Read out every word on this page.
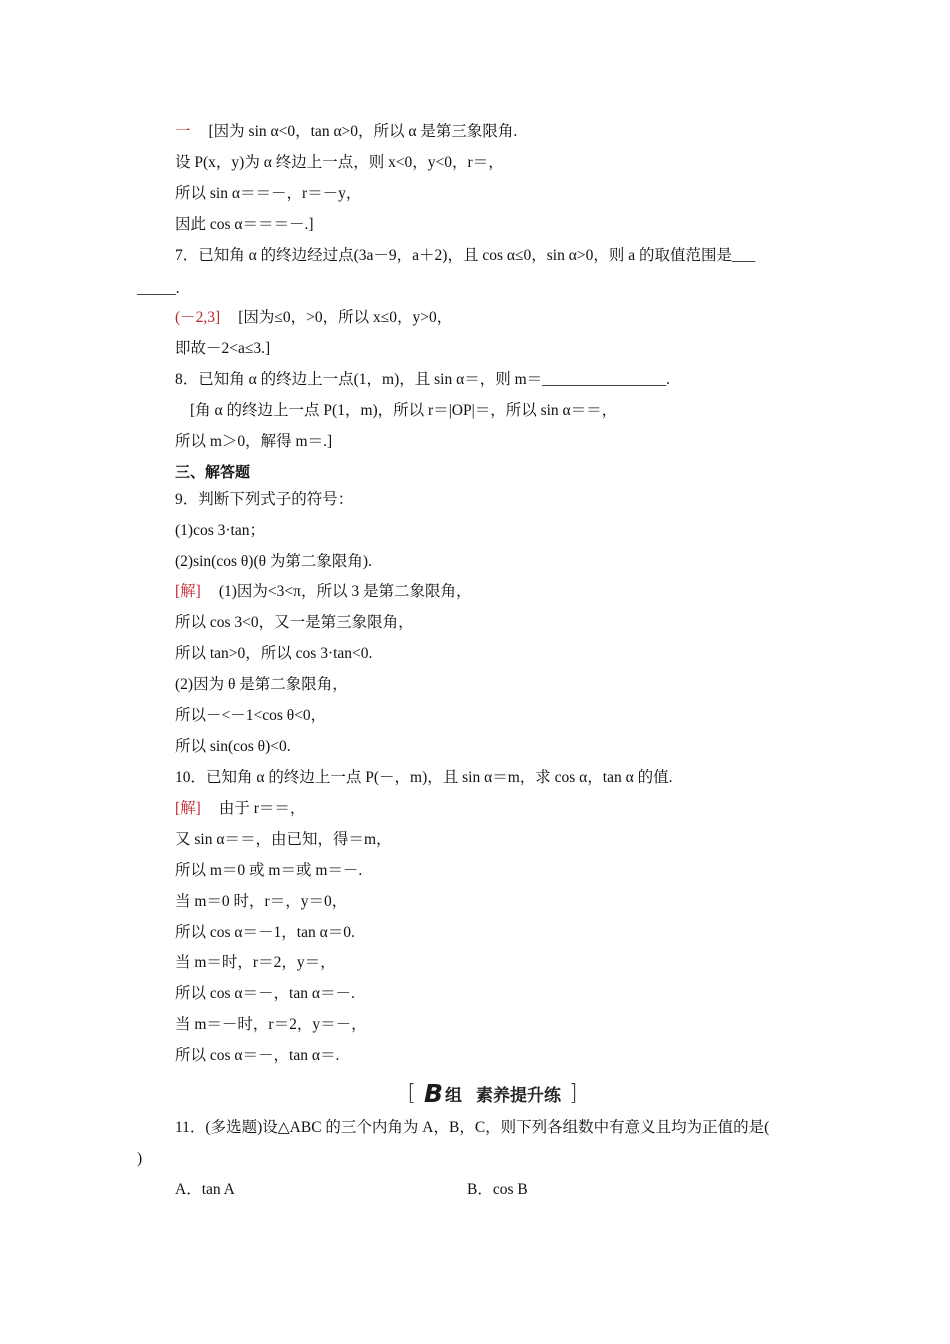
一 [因为 sin α<0，tan α>0，所以 α 是第三象限角.
设 P(x，y)为 α 终边上一点，则 x<0，y<0，r＝，
所以 sin α＝＝－，r＝－y，
因此 cos α＝＝＝－.]
7．已知角 α 的终边经过点(3a－9，a＋2)，且 cos α≤0，sin α>0，则 a 的取值范围是___
_____.
(－2,3] [因为≤0，>0，所以 x≤0，y>0，
即故－2<a≤3.]
8．已知角 α 的终边上一点(1，m)，且 sin α＝，则 m＝________________.
[角 α 的终边上一点 P(1，m)，所以 r＝|OP|＝，所以 sin α＝＝，
所以 m＞0，解得 m＝.]
三、解答题
9．判断下列式子的符号：
(1)cos 3·tan；
(2)sin(cos θ)(θ 为第二象限角).
[解] (1)因为<3<π，所以 3 是第二象限角，
所以 cos 3<0，又一是第三象限角，
所以 tan>0，所以 cos 3·tan<0.
(2)因为 θ 是第二象限角，
所以－<－1<cos θ<0，
所以 sin(cos θ)<0.
10．已知角 α 的终边上一点 P(－，m)，且 sin α＝m，求 cos α，tan α 的值.
[解] 由于 r＝＝，
又 sin α＝＝，由已知，得＝m，
所以 m＝0 或 m＝或 m＝－.
当 m＝0 时，r＝，y＝0，
所以 cos α＝－1，tan α＝0.
当 m＝时，r＝2，y＝，
所以 cos α＝－，tan α＝－.
当 m＝－时，r＝2，y＝－，
所以 cos α＝－，tan α＝.
11．(多选题)设△ABC 的三个内角为 A，B，C，则下列各组数中有意义且均为正值的是(
)
[ B 组 素养提升练 ]
A．tan A	B．cos B
